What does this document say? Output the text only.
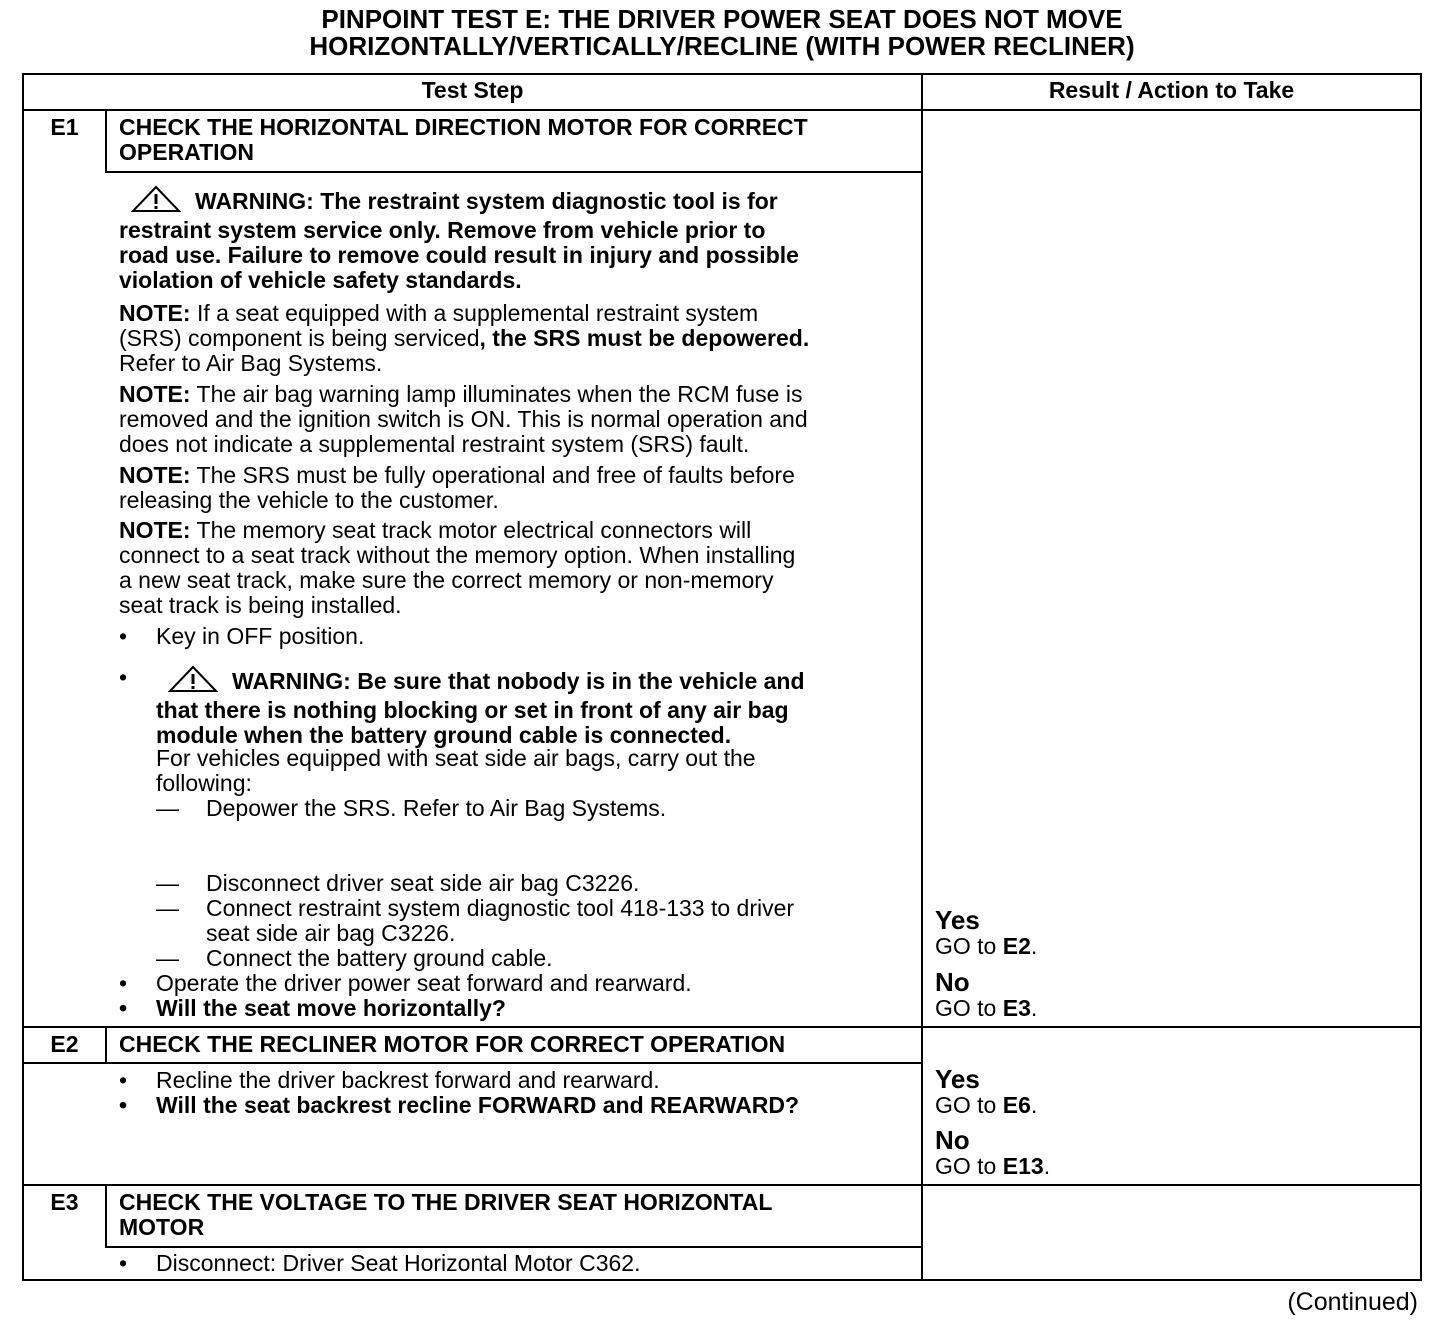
PINPOINT TEST E: THE DRIVER POWER SEAT DOES NOT MOVE
HORIZONTALLY/VERTICALLY/RECLINE (WITH POWER RECLINER)
Test Step	Result / Action to Take
E1	CHECK THE HORIZONTAL DIRECTION MOTOR FOR CORRECT
OPERATION
WARNING: The restraint system diagnostic tool is for
restraint system service only. Remove from vehicle prior to
road use. Failure to remove could result in injury and possible
violation of vehicle safety standards.
NOTE: If a seat equipped with a supplemental restraint system
(SRS) component is being serviced, the SRS must be depowered.
Refer to Air Bag Systems.
NOTE: The air bag warning lamp illuminates when the RCM fuse is
removed and the ignition switch is ON. This is normal operation and
does not indicate a supplemental restraint system (SRS) fault.
NOTE: The SRS must be fully operational and free of faults before
releasing the vehicle to the customer.
NOTE: The memory seat track motor electrical connectors will
connect to a seat track without the memory option. When installing
a new seat track, make sure the correct memory or non-memory
seat track is being installed.
• Key in OFF position.
•	WARNING: Be sure that nobody is in the vehicle and
that there is nothing blocking or set in front of any air bag
module when the battery ground cable is connected.
For vehicles equipped with seat side air bags, carry out the
following:
— Depower the SRS. Refer to Air Bag Systems.
— Disconnect driver seat side air bag C3226.
— Connect restraint system diagnostic tool 418-133 to driver
seat side air bag C3226.
— Connect the battery ground cable.
• Operate the driver power seat forward and rearward.
• Will the seat move horizontally?
Yes
GO to E2.
No
GO to E3.
E2	CHECK THE RECLINER MOTOR FOR CORRECT OPERATION
• Recline the driver backrest forward and rearward.
• Will the seat backrest recline FORWARD and REARWARD?
Yes
GO to E6.
No
GO to E13.
E3	CHECK THE VOLTAGE TO THE DRIVER SEAT HORIZONTAL
MOTOR
• Disconnect: Driver Seat Horizontal Motor C362.
(Continued)
